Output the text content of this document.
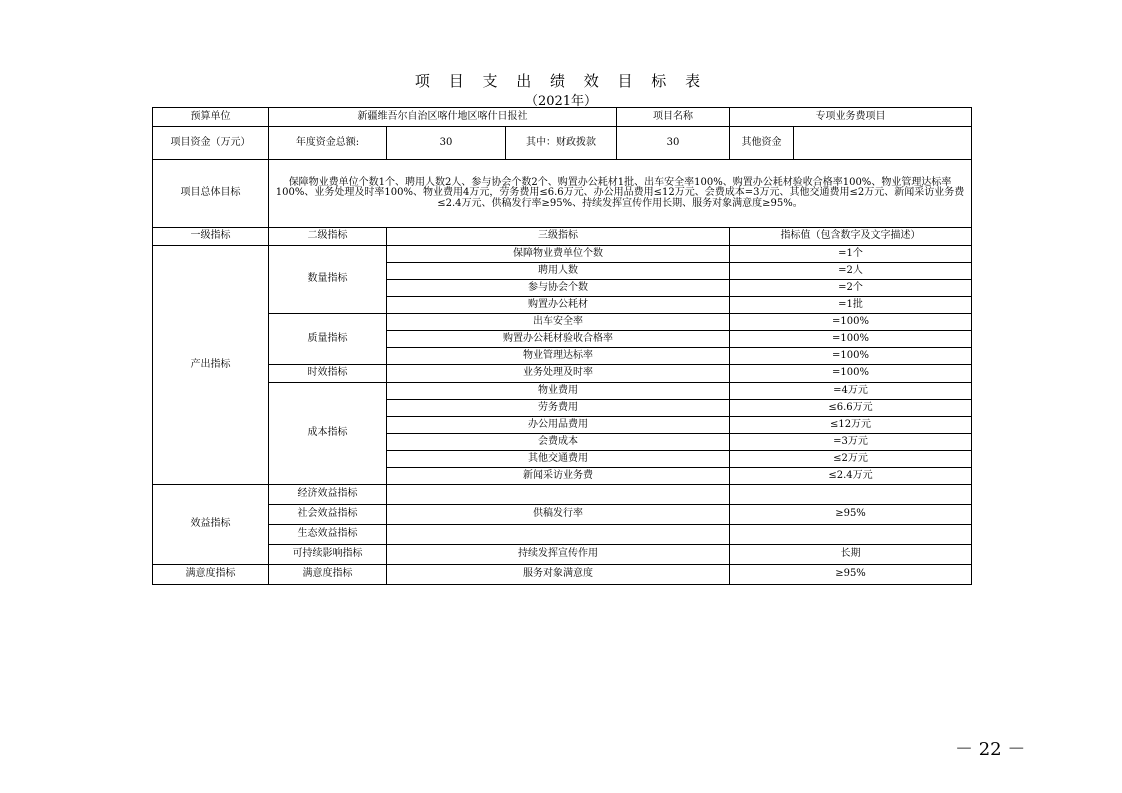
项 目 支 出 绩 效 目 标 表
（2021年）
预算单位	新疆维吾尔自治区喀什地区喀什日报社			项目名称	专项业务费项目	
项目资金（万元）	年度资金总额:	30	其中：财政拨款	30	其他资金	
项目总体目标	保障物业费单位个数1个、聘用人数2人、参与协会个数2个、购置办公耗材1批、出车安全率100%、购置办公耗材验收合格率100%、物业管理达标率100%、业务处理及时率100%、物业费用4万元，劳务费用≤6.6万元、办公用品费用≤12万元、会费成本=3万元、其他交通费用≤2万元、新闻采访业务费≤2.4万元、供稿发行率≥95%、持续发挥宣传作用长期、服务对象满意度≥95%。					
一级指标	二级指标	三级指标			指标值（包含数字及文字描述）	
产出指标	数量指标	保障物业费单位个数			=1个	
		聘用人数			=2人	
		参与协会个数			=2个	
		购置办公耗材			=1批	
	质量指标	出车安全率			=100%	
		购置办公耗材验收合格率			=100%	
		物业管理达标率			=100%	
	时效指标	业务处理及时率			=100%	
	成本指标	物业费用			=4万元	
		劳务费用			≤6.6万元	
		办公用品费用			≤12万元	
		会费成本			=3万元	
		其他交通费用			≤2万元	
		新闻采访业务费			≤2.4万元	
效益指标	经济效益指标					
	社会效益指标	供稿发行率			≥95%	
	生态效益指标					
	可持续影响指标	持续发挥宣传作用			长期	
满意度指标	满意度指标	服务对象满意度			≥95%	
－ 22 －
